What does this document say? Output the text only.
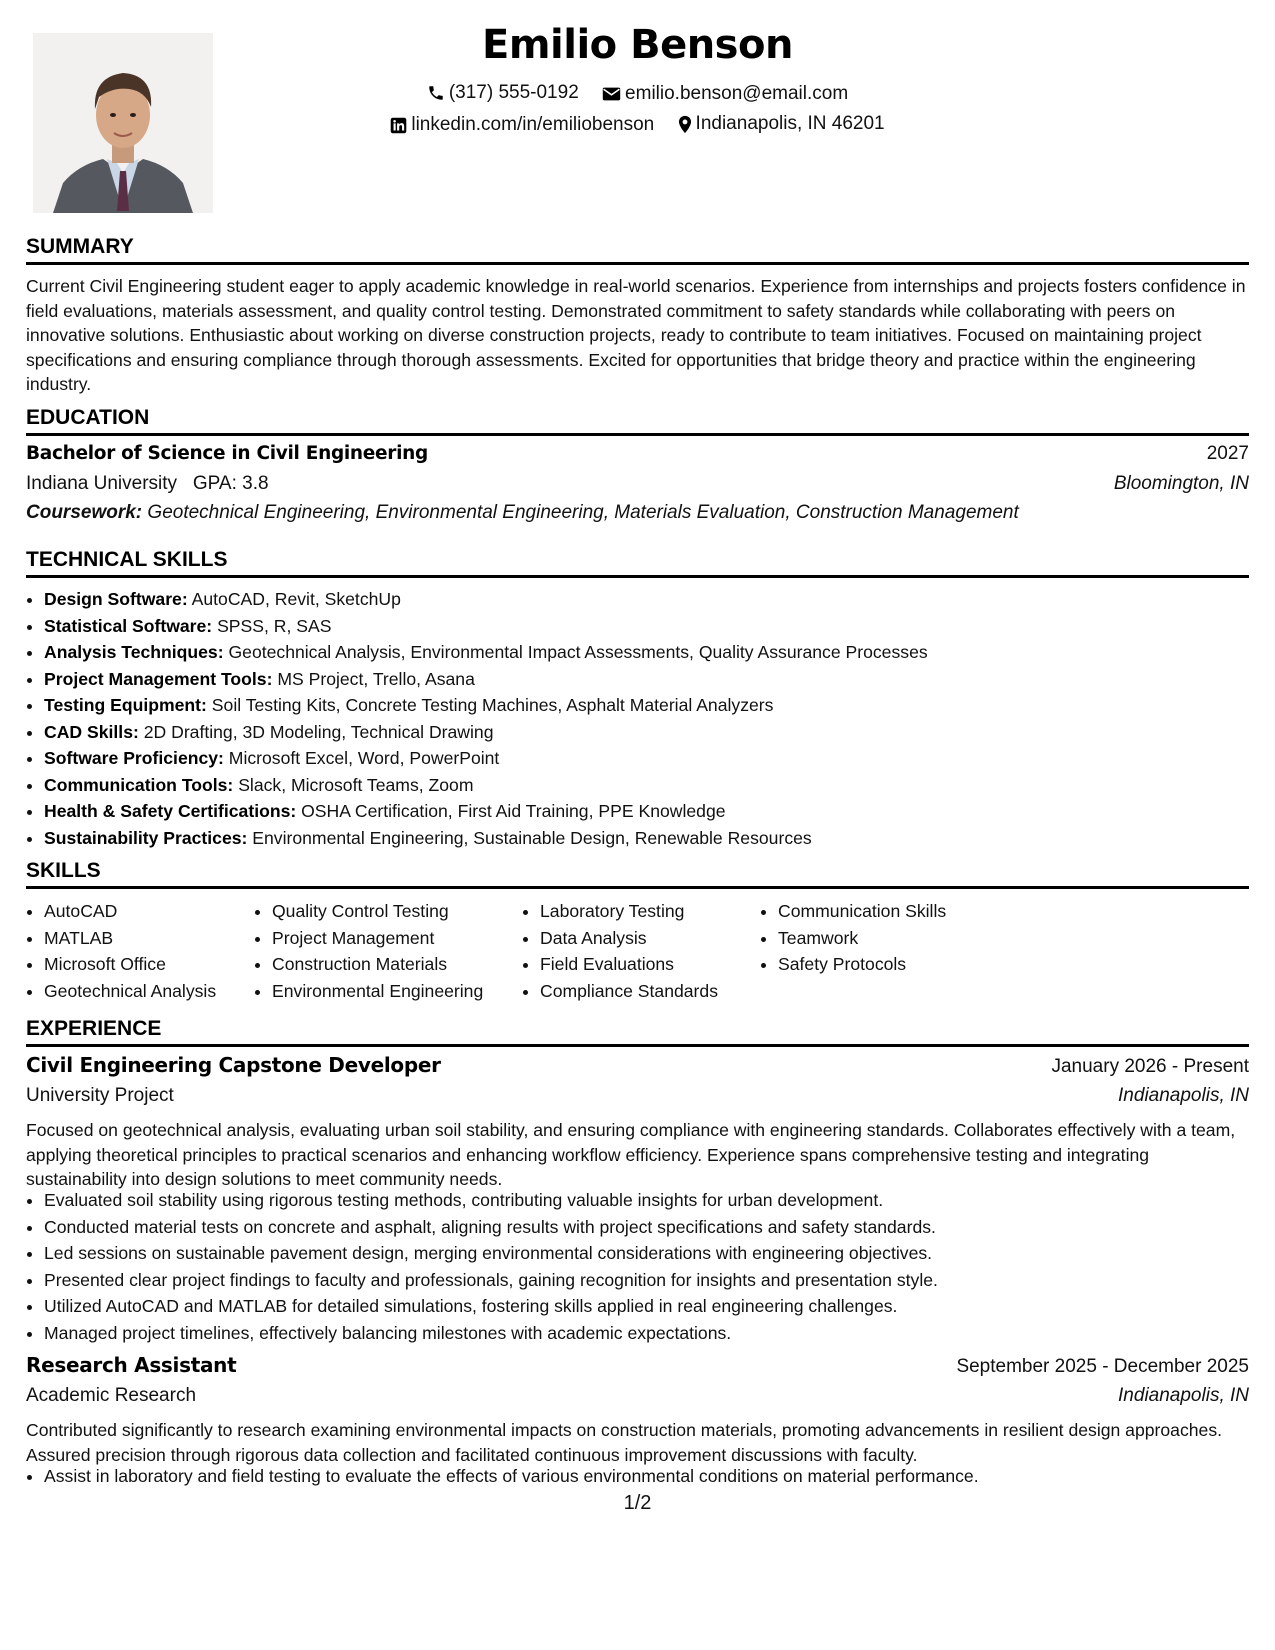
Emilio Benson
(317) 555-0192
emilio.benson@email.com
linkedin.com/in/emiliobenson
Indianapolis, IN 46201
SUMMARY
Current Civil Engineering student eager to apply academic knowledge in real-world scenarios. Experience from internships and projects fosters confidence in field evaluations, materials assessment, and quality control testing. Demonstrated commitment to safety standards while collaborating with peers on innovative solutions. Enthusiastic about working on diverse construction projects, ready to contribute to team initiatives. Focused on maintaining project specifications and ensuring compliance through thorough assessments. Excited for opportunities that bridge theory and practice within the engineering industry.
EDUCATION
Bachelor of Science in Civil Engineering	2027
Indiana University GPA: 3.8	Bloomington, IN
Coursework: Geotechnical Engineering, Environmental Engineering, Materials Evaluation, Construction Management
TECHNICAL SKILLS
• Design Software: AutoCAD, Revit, SketchUp
• Statistical Software: SPSS, R, SAS
• Analysis Techniques: Geotechnical Analysis, Environmental Impact Assessments, Quality Assurance Processes
• Project Management Tools: MS Project, Trello, Asana
• Testing Equipment: Soil Testing Kits, Concrete Testing Machines, Asphalt Material Analyzers
• CAD Skills: 2D Drafting, 3D Modeling, Technical Drawing
• Software Proficiency: Microsoft Excel, Word, PowerPoint
• Communication Tools: Slack, Microsoft Teams, Zoom
• Health & Safety Certifications: OSHA Certification, First Aid Training, PPE Knowledge
• Sustainability Practices: Environmental Engineering, Sustainable Design, Renewable Resources
SKILLS
• AutoCAD
• MATLAB
• Microsoft Office
• Geotechnical Analysis
• Quality Control Testing
• Project Management
• Construction Materials
• Environmental Engineering
• Laboratory Testing
• Data Analysis
• Field Evaluations
• Compliance Standards
• Communication Skills
• Teamwork
• Safety Protocols
EXPERIENCE
Civil Engineering Capstone Developer	January 2026 - Present
University Project	Indianapolis, IN
Focused on geotechnical analysis, evaluating urban soil stability, and ensuring compliance with engineering standards. Collaborates effectively with a team, applying theoretical principles to practical scenarios and enhancing workflow efficiency. Experience spans comprehensive testing and integrating sustainability into design solutions to meet community needs.
• Evaluated soil stability using rigorous testing methods, contributing valuable insights for urban development.
• Conducted material tests on concrete and asphalt, aligning results with project specifications and safety standards.
• Led sessions on sustainable pavement design, merging environmental considerations with engineering objectives.
• Presented clear project findings to faculty and professionals, gaining recognition for insights and presentation style.
• Utilized AutoCAD and MATLAB for detailed simulations, fostering skills applied in real engineering challenges.
• Managed project timelines, effectively balancing milestones with academic expectations.
Research Assistant	September 2025 - December 2025
Academic Research	Indianapolis, IN
Contributed significantly to research examining environmental impacts on construction materials, promoting advancements in resilient design approaches. Assured precision through rigorous data collection and facilitated continuous improvement discussions with faculty.
• Assist in laboratory and field testing to evaluate the effects of various environmental conditions on material performance.
1/2
